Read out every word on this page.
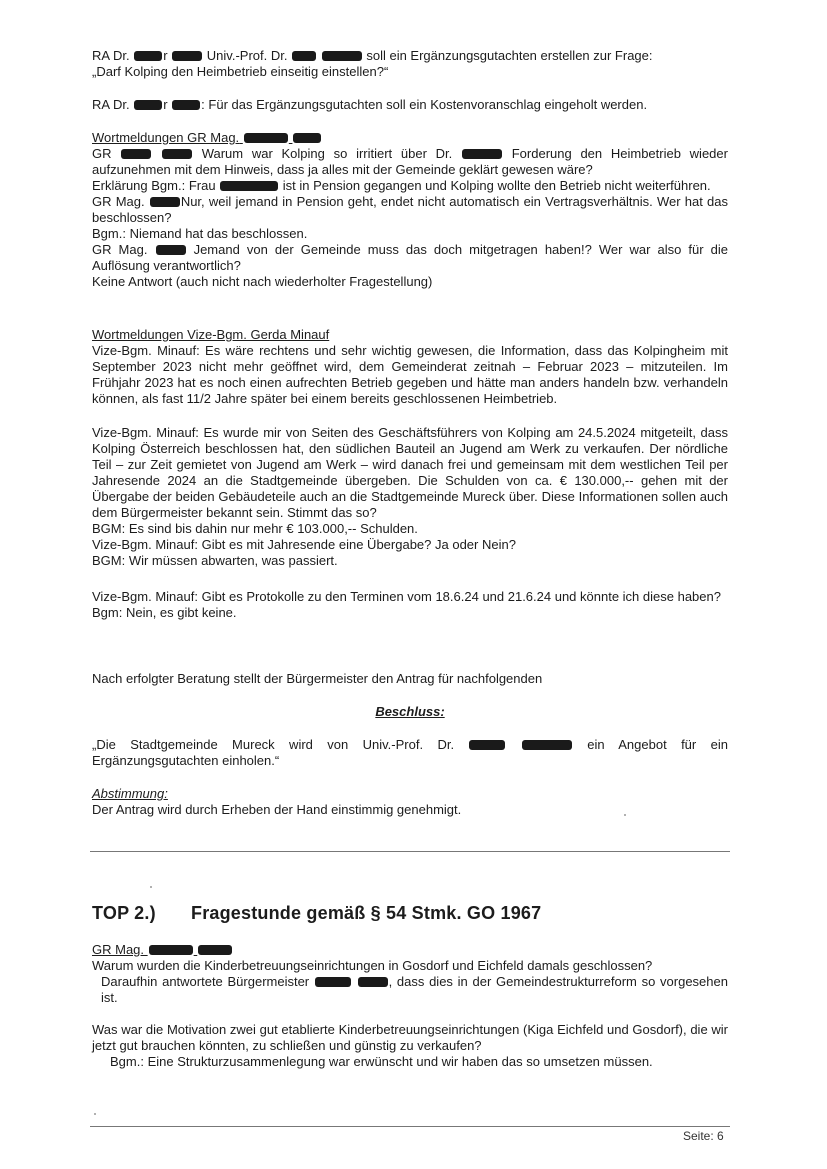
RA Dr.	r	Univ.-Prof. Dr.	soll ein Ergänzungsgutachten erstellen zur Frage:

„Darf Kolping den Heimbetrieb einseitig einstellen?“

RA Dr.	r	: Für das Ergänzungsgutachten soll ein Kostenvoranschlag eingeholt werden.

Wortmeldungen GR Mag.

GR	Warum war Kolping so irritiert über Dr.	Forderung den Heimbetrieb wieder aufzunehmen mit dem Hinweis, dass ja alles mit der Gemeinde geklärt gewesen wäre?

Erklärung Bgm.: Frau	ist in Pension gegangen und Kolping wollte den Betrieb nicht weiterführen.

GR Mag.	Nur, weil jemand in Pension geht, endet nicht automatisch ein Vertragsverhältnis. Wer hat das beschlossen?

Bgm.: Niemand hat das beschlossen.

GR Mag.	Jemand von der Gemeinde muss das doch mitgetragen haben!? Wer war also für die Auflösung verantwortlich?

Keine Antwort (auch nicht nach wiederholter Fragestellung)

Wortmeldungen Vize-Bgm. Gerda Minauf

Vize-Bgm. Minauf: Es wäre rechtens und sehr wichtig gewesen, die Information, dass das Kolpingheim mit September 2023 nicht mehr geöffnet wird, dem Gemeinderat zeitnah – Februar 2023 – mitzuteilen. Im Frühjahr 2023 hat es noch einen aufrechten Betrieb gegeben und hätte man anders handeln bzw. verhandeln können, als fast 11/2 Jahre später bei einem bereits geschlossenen Heimbetrieb.

Vize-Bgm. Minauf: Es wurde mir von Seiten des Geschäftsführers von Kolping am 24.5.2024 mitgeteilt, dass Kolping Österreich beschlossen hat, den südlichen Bauteil an Jugend am Werk zu verkaufen. Der nördliche Teil – zur Zeit gemietet von Jugend am Werk – wird danach frei und gemeinsam mit dem westlichen Teil per Jahresende 2024 an die Stadtgemeinde übergeben. Die Schulden von ca. € 130.000,-- gehen mit der Übergabe der beiden Gebäudeteile auch an die Stadtgemeinde Mureck über. Diese Informationen sollen auch dem Bürgermeister bekannt sein. Stimmt das so?

BGM: Es sind bis dahin nur mehr € 103.000,-- Schulden.

Vize-Bgm. Minauf: Gibt es mit Jahresende eine Übergabe? Ja oder Nein?

BGM: Wir müssen abwarten, was passiert.

Vize-Bgm. Minauf: Gibt es Protokolle zu den Terminen vom 18.6.24 und 21.6.24 und könnte ich diese haben?

Bgm: Nein, es gibt keine.

Nach erfolgter Beratung stellt der Bürgermeister den Antrag für nachfolgenden

Beschluss:

„Die Stadtgemeinde Mureck wird von Univ.-Prof. Dr.	ein Angebot für ein Ergänzungsgutachten einholen.“

Abstimmung:

Der Antrag wird durch Erheben der Hand einstimmig genehmigt.

TOP 2.) Fragestunde gemäß § 54 Stmk. GO 1967

GR Mag.

Warum wurden die Kinderbetreuungseinrichtungen in Gosdorf und Eichfeld damals geschlossen?

Daraufhin antwortete Bürgermeister	, dass dies in der Gemeindestrukturreform so vorgesehen ist.

Was war die Motivation zwei gut etablierte Kinderbetreuungseinrichtungen (Kiga Eichfeld und Gosdorf), die wir jetzt gut brauchen könnten, zu schließen und günstig zu verkaufen?

Bgm.: Eine Strukturzusammenlegung war erwünscht und wir haben das so umsetzen müssen.

Seite: 6
